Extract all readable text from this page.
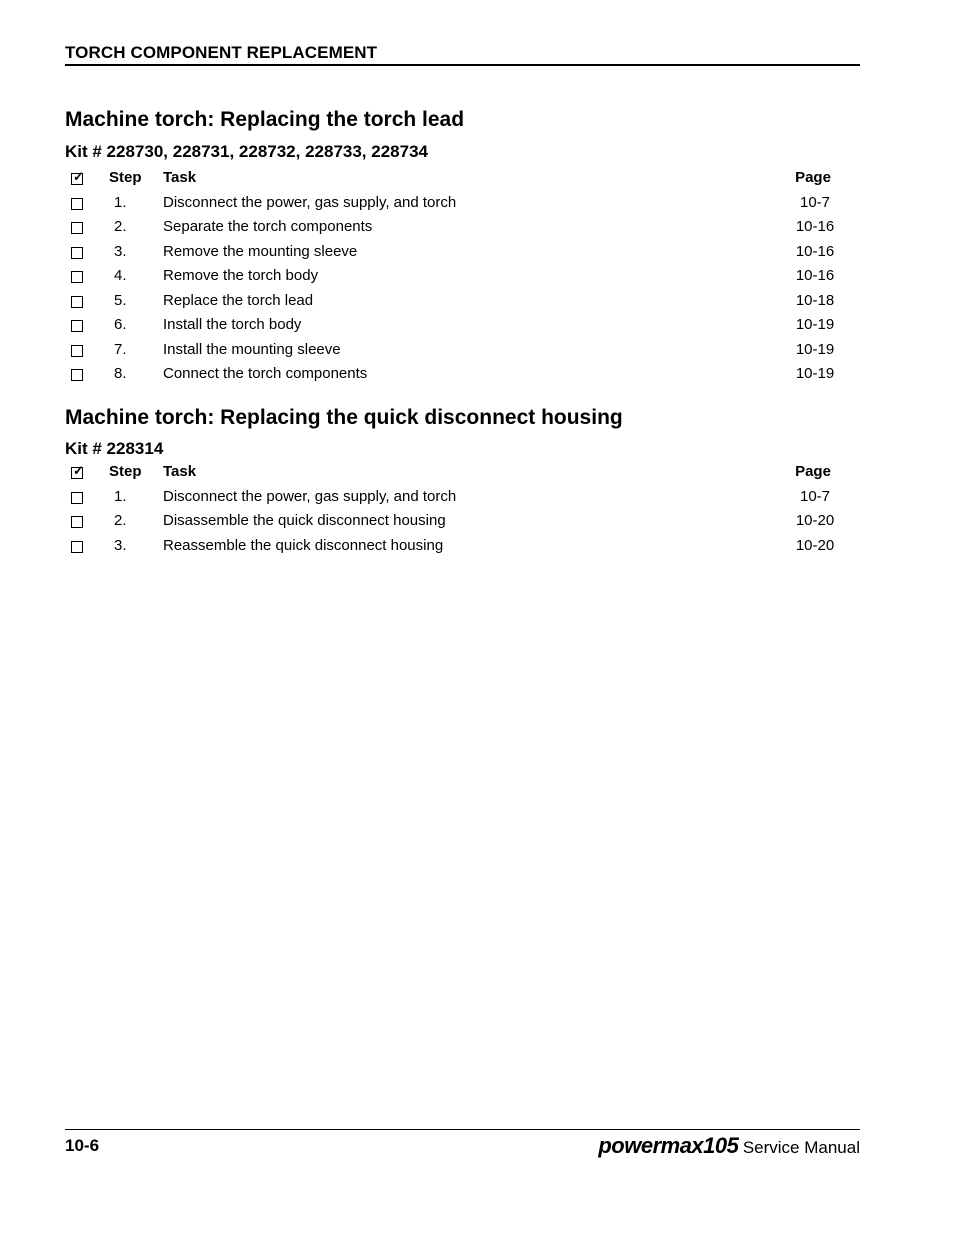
TORCH COMPONENT REPLACEMENT
Machine torch: Replacing the torch lead
Kit # 228730, 228731, 228732, 228733, 228734
✓ Step	Task	Page
1.	Disconnect the power, gas supply, and torch	10-7
2.	Separate the torch components	10-16
3.	Remove the mounting sleeve	10-16
4.	Remove the torch body	10-16
5.	Replace the torch lead	10-18
6.	Install the torch body	10-19
7.	Install the mounting sleeve	10-19
8.	Connect the torch components	10-19
Machine torch: Replacing the quick disconnect housing
Kit # 228314
✓ Step	Task	Page
1.	Disconnect the power, gas supply, and torch	10-7
2.	Disassemble the quick disconnect housing	10-20
3.	Reassemble the quick disconnect housing	10-20
10-6	powermax105 Service Manual
